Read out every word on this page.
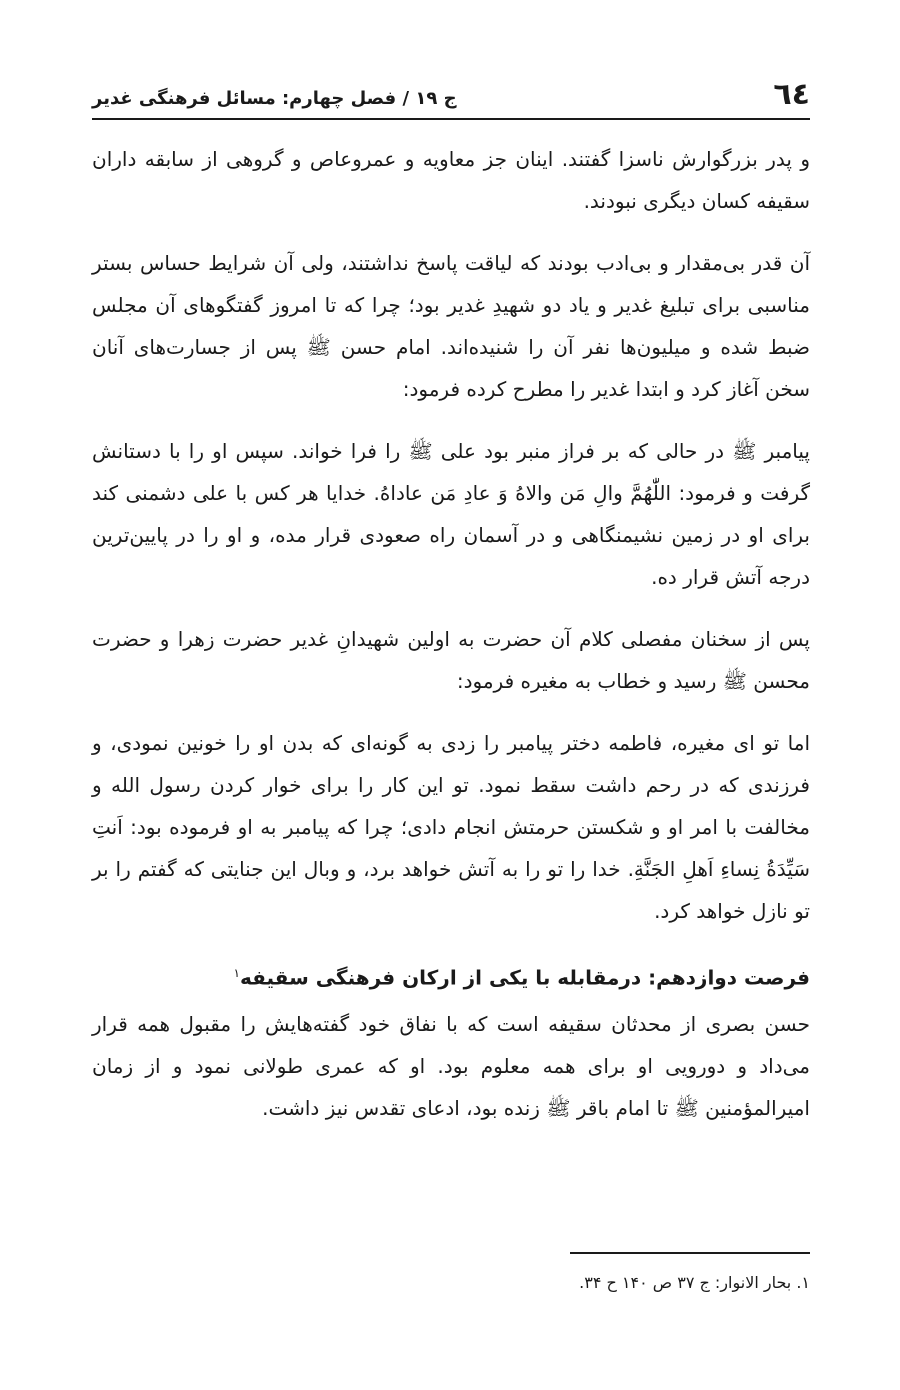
٦٤
ج ۱۹ / فصل چهارم: مسائل فرهنگی غدیر

و پدر بزرگوارش ناسزا گفتند. اینان جز معاویه و عمروعاص و گروهی از سابقه داران سقیفه کسان دیگری نبودند.

آن قدر بی‌مقدار و بی‌ادب بودند که لیاقت پاسخ نداشتند، ولی آن شرایط حساس بستر مناسبی برای تبلیغ غدیر و یاد دو شهیدِ غدیر بود؛ چرا که تا امروز گفتگوهای آن مجلس ضبط شده و میلیون‌ها نفر آن را شنیده‌اند. امام حسن ﷺ پس از جسارت‌های آنان سخن آغاز کرد و ابتدا غدیر را مطرح کرده فرمود:

پیامبر ﷺ در حالی که بر فراز منبر بود علی ﷺ را فرا خواند. سپس او را با دستانش گرفت و فرمود: اللّٰهُمَّ والِ مَن والاهُ وَ عادِ مَن عاداهُ. خدایا هر کس با علی دشمنی کند برای او در زمین نشیمنگاهی و در آسمان راه صعودی قرار مده، و او را در پایین‌ترین درجه آتش قرار ده.

پس از سخنان مفصلی کلام آن حضرت به اولین شهیدانِ غدیر حضرت زهرا و حضرت محسن ﷺ رسید و خطاب به مغیره فرمود:

اما تو ای مغیره، فاطمه دختر پیامبر را زدی به گونه‌ای که بدن او را خونین نمودی، و فرزندی که در رحم داشت سقط نمود. تو این کار را برای خوار کردن رسول الله و مخالفت با امر او و شکستن حرمتش انجام دادی؛ چرا که پیامبر به او فرموده بود: اَنتِ سَیِّدَةُ نِساءِ اَهلِ الجَنَّةِ. خدا را تو را به آتش خواهد برد، و وبال این جنایتی که گفتم را بر تو نازل خواهد کرد.

فرصت دوازدهم: درمقابله با یکی از ارکان فرهنگی سقیفه$^۱$

حسن بصری از محدثان سقیفه است که با نفاق خود گفته‌هایش را مقبول همه قرار می‌داد و دورویی او برای همه معلوم بود. او که عمری طولانی نمود و از زمان امیرالمؤمنین ﷺ تا امام باقر ﷺ زنده بود، ادعای تقدس نیز داشت.

۱. بحار الانوار: ج ۳۷ ص ۱۴۰ ح ۳۴.
